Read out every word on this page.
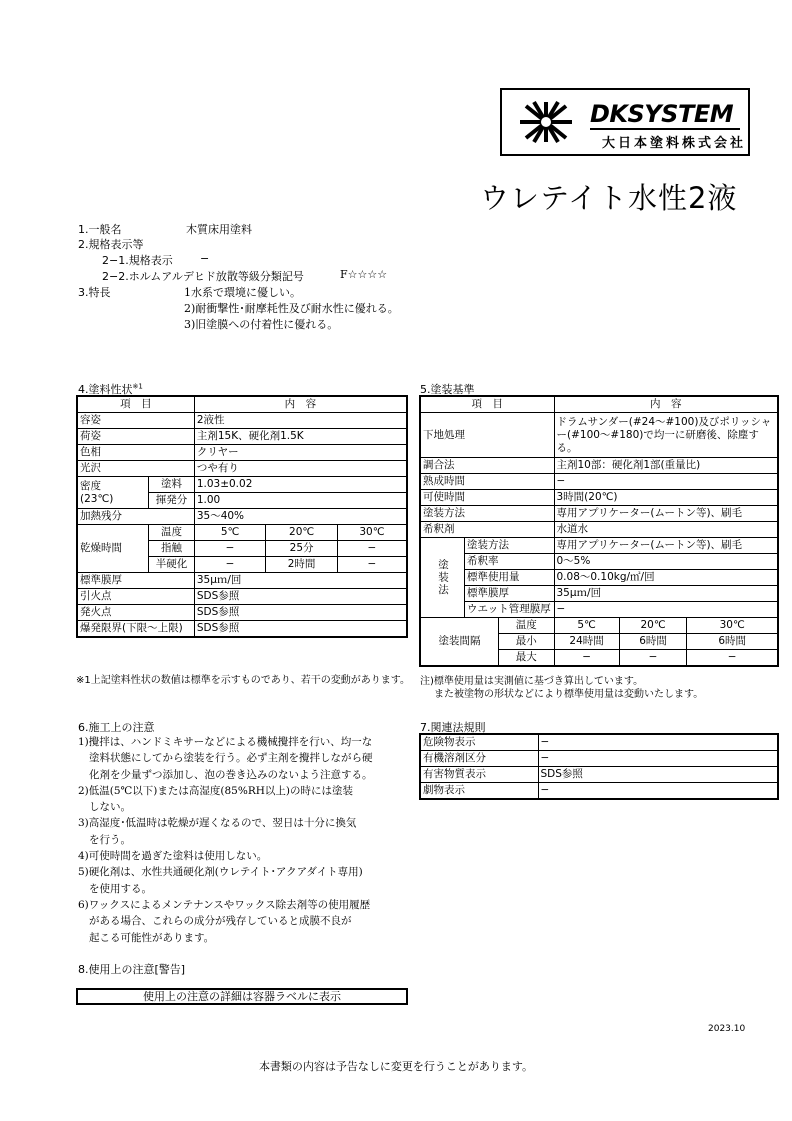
DKSYSTEM
大日本塗料株式会社
ウレテイト水性2液
1.一般名	木質床用塗料
2.規格表示等
2−1.規格表示 −
2−2.ホルムアルデヒド放散等級分類記号	F☆☆☆☆
3.特長	1水系で環境に優しい。
2)耐衝撃性･耐摩耗性及び耐水性に優れる。
3)旧塗膜への付着性に優れる。
4.塗料性状$^{※1}$
項　目		内　容		
容姿		2液性		
荷姿		主剤15K、硬化剤1.5K		
色相		クリヤー		
光沢		つや有り		
密度
(23℃)	塗料	1.03±0.02		
	揮発分	1.00		
加熱残分		35〜40%		
乾燥時間	温度	5℃	20℃	30℃
	指触	−	25分	−
	半硬化	−	2時間	−
標準膜厚		35μｍ/回		
引火点		SDS参照		
発火点		SDS参照		
爆発限界(下限〜上限)		SDS参照		
※1上記塗料性状の数値は標準を示すものであり、若干の変動があります。
5.塗装基準
項　目			内　容		
下地処理			ドラムサンダー(#24〜#100)及びポリッシャー(#100〜#180)で均一に研磨後、除塵する。		
調合法			主剤10部：硬化剤1部(重量比)		
熟成時間			−		
可使時間			3時間(20℃)		
塗装方法			専用アプリケーター(ムートン等)、刷毛		
希釈剤			水道水		
塗装法	塗装方法		専用アプリケーター(ムートン等)、刷毛		
	希釈率		0〜5%		
	標準使用量		0.08〜0.10kg/㎡/回		
	標準膜厚		35μｍ/回		
	ウエット管理膜厚		−		
塗装間隔		温度	5℃	20℃	30℃
		最小	24時間	6時間	6時間
		最大	−	−	−
注)標準使用量は実測値に基づき算出しています。
また被塗物の形状などにより標準使用量は変動いたします。
6.施工上の注意
1)攪拌は、ハンドミキサーなどによる機械攪拌を行い、均一な
塗料状態にしてから塗装を行う。必ず主剤を攪拌しながら硬
化剤を少量ずつ添加し、泡の巻き込みのないよう注意する。
2)低温(5℃以下)または高湿度(85%RH以上)の時には塗装
しない。
3)高湿度･低温時は乾燥が遅くなるので、翌日は十分に換気
を行う。
4)可使時間を過ぎた塗料は使用しない。
5)硬化剤は、水性共通硬化剤(ウレテイト･アクアダイト専用)
を使用する。
6)ワックスによるメンテナンスやワックス除去剤等の使用履歴
がある場合、これらの成分が残存していると成膜不良が
起こる可能性があります。
7.関連法規則
危険物表示	−
有機溶剤区分	−
有害物質表示	SDS参照
劇物表示	−
8.使用上の注意[警告]
使用上の注意の詳細は容器ラベルに表示
2023.10
本書類の内容は予告なしに変更を行うことがあります。
